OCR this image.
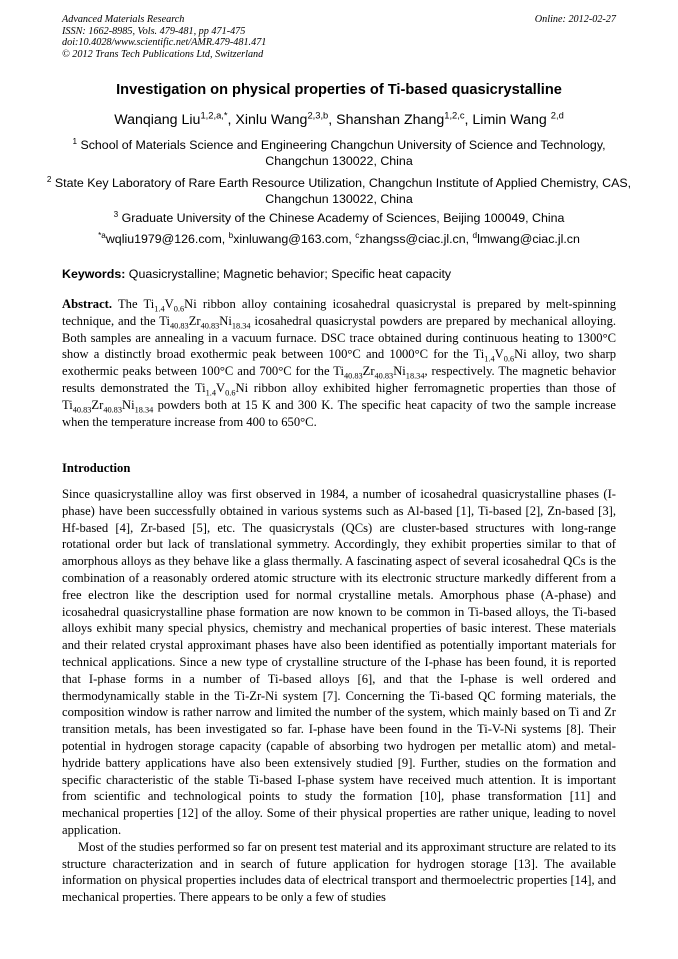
Advanced Materials Research
ISSN: 1662-8985, Vols. 479-481, pp 471-475
doi:10.4028/www.scientific.net/AMR.479-481.471
© 2012 Trans Tech Publications Ltd, Switzerland
Online: 2012-02-27
Investigation on physical properties of Ti-based quasicrystalline
Wanqiang Liu$^{1,2,a,*}$, Xinlu Wang$^{2,3,b}$, Shanshan Zhang$^{1,2,c}$, Limin Wang $^{2,d}$
$^1$ School of Materials Science and Engineering Changchun University of Science and Technology, Changchun 130022, China
$^2$ State Key Laboratory of Rare Earth Resource Utilization, Changchun Institute of Applied Chemistry, CAS, Changchun 130022, China
$^3$ Graduate University of the Chinese Academy of Sciences, Beijing 100049, China
$^{*a}$wqliu1979@126.com, $^b$xinluwang@163.com, $^c$zhangss@ciac.jl.cn, $^d$lmwang@ciac.jl.cn
Keywords: Quasicrystalline; Magnetic behavior; Specific heat capacity
Abstract. The $Ti_{1.4}V_{0.6}Ni$ ribbon alloy containing icosahedral quasicrystal is prepared by melt-spinning technique, and the $Ti_{40.83}Zr_{40.83}Ni_{18.34}$ icosahedral quasicrystal powders are prepared by mechanical alloying. Both samples are annealing in a vacuum furnace. DSC trace obtained during continuous heating to 1300°C show a distinctly broad exothermic peak between 100°C and 1000°C for the $Ti_{1.4}V_{0.6}Ni$ alloy, two sharp exothermic peaks between 100°C and 700°C for the $Ti_{40.83}Zr_{40.83}Ni_{18.34}$, respectively. The magnetic behavior results demonstrated the $Ti_{1.4}V_{0.6}Ni$ ribbon alloy exhibited higher ferromagnetic properties than those of $Ti_{40.83}Zr_{40.83}Ni_{18.34}$ powders both at 15 K and 300 K. The specific heat capacity of two the sample increase when the temperature increase from 400 to 650°C.
Introduction
Since quasicrystalline alloy was first observed in 1984, a number of icosahedral quasicrystalline phases (I-phase) have been successfully obtained in various systems such as Al-based [1], Ti-based [2], Zn-based [3], Hf-based [4], Zr-based [5], etc. The quasicrystals (QCs) are cluster-based structures with long-range rotational order but lack of translational symmetry. Accordingly, they exhibit properties similar to that of amorphous alloys as they behave like a glass thermally. A fascinating aspect of several icosahedral QCs is the combination of a reasonably ordered atomic structure with its electronic structure markedly different from a free electron like the description used for normal crystalline metals. Amorphous phase (A-phase) and icosahedral quasicrystalline phase formation are now known to be common in Ti-based alloys, the Ti-based alloys exhibit many special physics, chemistry and mechanical properties of basic interest. These materials and their related crystal approximant phases have also been identified as potentially important materials for technical applications. Since a new type of crystalline structure of the I-phase has been found, it is reported that I-phase forms in a number of Ti-based alloys [6], and that the I-phase is well ordered and thermodynamically stable in the Ti-Zr-Ni system [7]. Concerning the Ti-based QC forming materials, the composition window is rather narrow and limited the number of the system, which mainly based on Ti and Zr transition metals, has been investigated so far. I-phase have been found in the Ti-V-Ni systems [8]. Their potential in hydrogen storage capacity (capable of absorbing two hydrogen per metallic atom) and metal-hydride battery applications have also been extensively studied [9]. Further, studies on the formation and specific characteristic of the stable Ti-based I-phase system have received much attention. It is important from scientific and technological points to study the formation [10], phase transformation [11] and mechanical properties [12] of the alloy. Some of their physical properties are rather unique, leading to novel application.
Most of the studies performed so far on present test material and its approximant structure are related to its structure characterization and in search of future application for hydrogen storage [13]. The available information on physical properties includes data of electrical transport and thermoelectric properties [14], and mechanical properties. There appears to be only a few of studies
